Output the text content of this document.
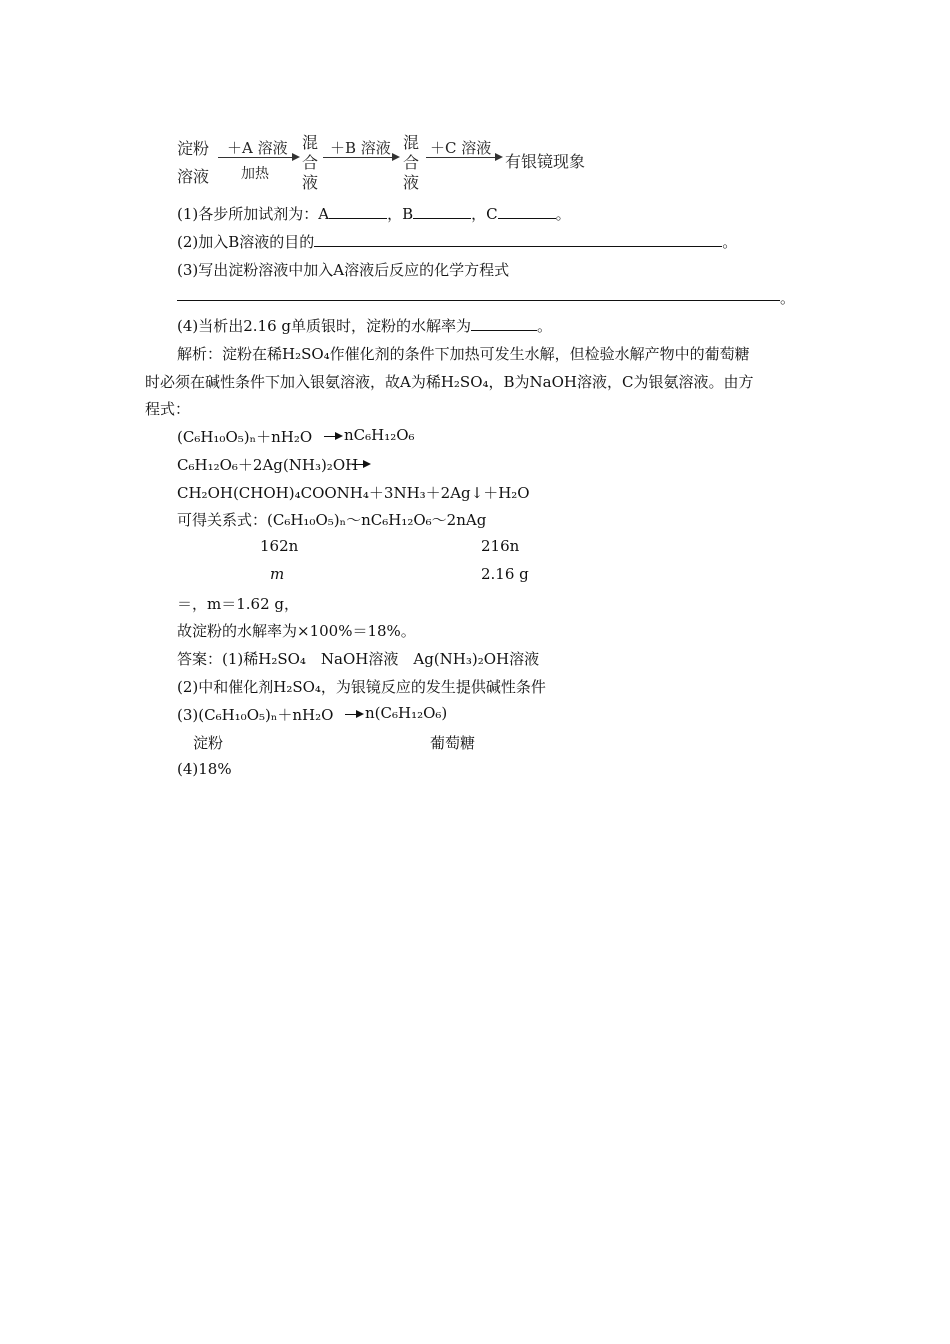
淀粉
溶液
＋A 溶液
加热
混
合
液
＋B 溶液 混
合
液
＋C 溶液
有银镜现象
(1)各步所加试剂为：A	，B	，C	。
(2)加入B溶液的目的	。
(3)写出淀粉溶液中加入A溶液后反应的化学方程式
。
(4)当析出2.16 g单质银时，淀粉的水解率为	。
解析：淀粉在稀H₂SO₄作催化剂的条件下加热可发生水解，但检验水解产物中的葡萄糖
时必须在碱性条件下加入银氨溶液，故A为稀H₂SO₄，B为NaOH溶液，C为银氨溶液。由方
程式：
(C₆H₁₀O₅)ₙ＋nH₂O nC₆H₁₂O₆
C₆H₁₂O₆＋2Ag(NH₃)₂OH
CH₂OH(CHOH)₄COONH₄＋3NH₃＋2Ag↓＋H₂O
可得关系式：(C₆H₁₀O₅)ₙ～nC₆H₁₂O₆～2nAg
162n	216n
m	2.16 g
＝，m＝1.62 g，
故淀粉的水解率为×100%＝18%。
答案：(1)稀H₂SO₄　NaOH溶液　Ag(NH₃)₂OH溶液
(2)中和催化剂H₂SO₄，为银镜反应的发生提供碱性条件
(3)(C₆H₁₀O₅)ₙ＋nH₂O n(C₆H₁₂O₆)
淀粉	葡萄糖
(4)18%
